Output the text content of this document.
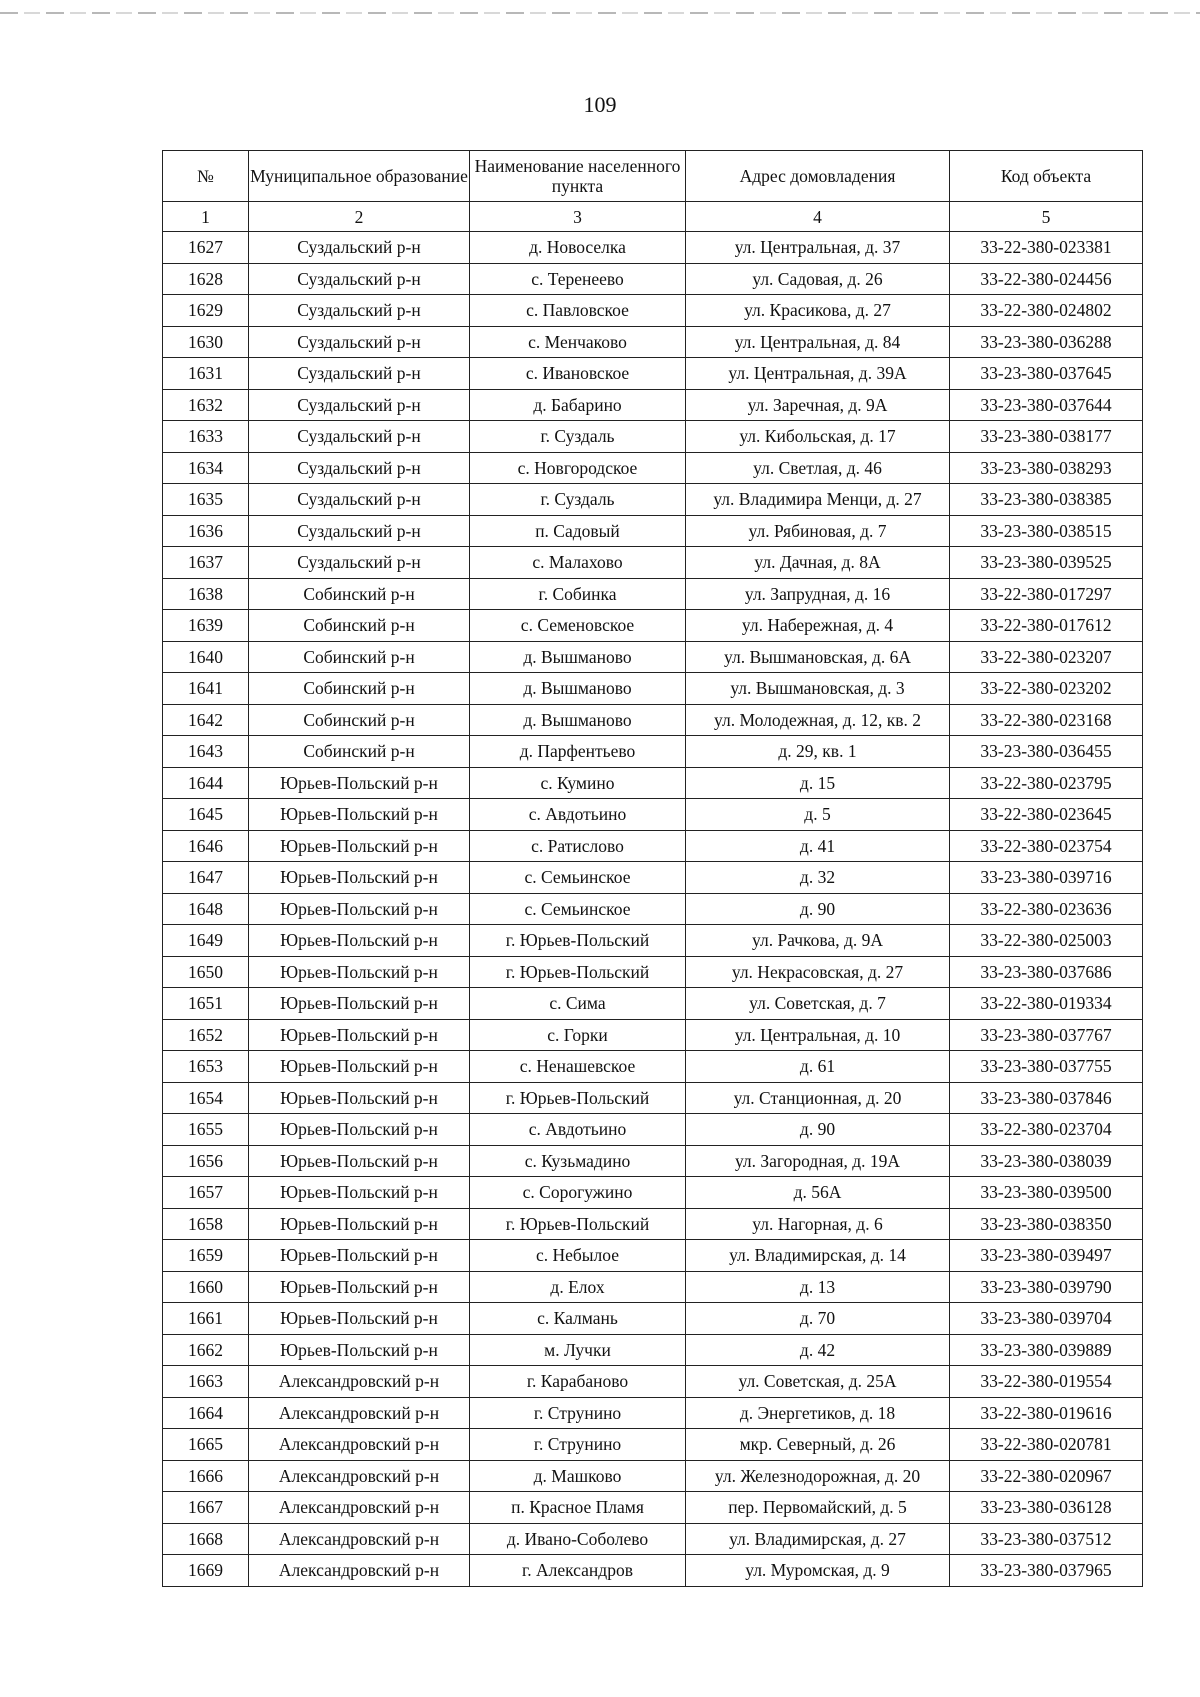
109
№	Муниципальное образование	Наименование населенного пункта	Адрес домовладения	Код объекта
1	2	3	4	5
1627	Суздальский р-н	д. Новоселка	ул. Центральная, д. 37	33-22-380-023381
1628	Суздальский р-н	с. Теренеево	ул. Садовая, д. 26	33-22-380-024456
1629	Суздальский р-н	с. Павловское	ул. Красикова, д. 27	33-22-380-024802
1630	Суздальский р-н	с. Менчаково	ул. Центральная, д. 84	33-23-380-036288
1631	Суздальский р-н	с. Ивановское	ул. Центральная, д. 39А	33-23-380-037645
1632	Суздальский р-н	д. Бабарино	ул. Заречная, д. 9А	33-23-380-037644
1633	Суздальский р-н	г. Суздаль	ул. Кибольская, д. 17	33-23-380-038177
1634	Суздальский р-н	с. Новгородское	ул. Светлая, д. 46	33-23-380-038293
1635	Суздальский р-н	г. Суздаль	ул. Владимира Менци, д. 27	33-23-380-038385
1636	Суздальский р-н	п. Садовый	ул. Рябиновая, д. 7	33-23-380-038515
1637	Суздальский р-н	с. Малахово	ул. Дачная, д. 8А	33-23-380-039525
1638	Собинский р-н	г. Собинка	ул. Запрудная, д. 16	33-22-380-017297
1639	Собинский р-н	с. Семеновское	ул. Набережная, д. 4	33-22-380-017612
1640	Собинский р-н	д. Вышманово	ул. Вышмановская, д. 6А	33-22-380-023207
1641	Собинский р-н	д. Вышманово	ул. Вышмановская, д. 3	33-22-380-023202
1642	Собинский р-н	д. Вышманово	ул. Молодежная, д. 12, кв. 2	33-22-380-023168
1643	Собинский р-н	д. Парфентьево	д. 29, кв. 1	33-23-380-036455
1644	Юрьев-Польский р-н	с. Кумино	д. 15	33-22-380-023795
1645	Юрьев-Польский р-н	с. Авдотьино	д. 5	33-22-380-023645
1646	Юрьев-Польский р-н	с. Ратислово	д. 41	33-22-380-023754
1647	Юрьев-Польский р-н	с. Семьинское	д. 32	33-23-380-039716
1648	Юрьев-Польский р-н	с. Семьинское	д. 90	33-22-380-023636
1649	Юрьев-Польский р-н	г. Юрьев-Польский	ул. Рачкова, д. 9А	33-22-380-025003
1650	Юрьев-Польский р-н	г. Юрьев-Польский	ул. Некрасовская, д. 27	33-23-380-037686
1651	Юрьев-Польский р-н	с. Сима	ул. Советская, д. 7	33-22-380-019334
1652	Юрьев-Польский р-н	с. Горки	ул. Центральная, д. 10	33-23-380-037767
1653	Юрьев-Польский р-н	с. Ненашевское	д. 61	33-23-380-037755
1654	Юрьев-Польский р-н	г. Юрьев-Польский	ул. Станционная, д. 20	33-23-380-037846
1655	Юрьев-Польский р-н	с. Авдотьино	д. 90	33-22-380-023704
1656	Юрьев-Польский р-н	с. Кузьмадино	ул. Загородная, д. 19А	33-23-380-038039
1657	Юрьев-Польский р-н	с. Сорогужино	д. 56А	33-23-380-039500
1658	Юрьев-Польский р-н	г. Юрьев-Польский	ул. Нагорная, д. 6	33-23-380-038350
1659	Юрьев-Польский р-н	с. Небылое	ул. Владимирская, д. 14	33-23-380-039497
1660	Юрьев-Польский р-н	д. Елох	д. 13	33-23-380-039790
1661	Юрьев-Польский р-н	с. Калмань	д. 70	33-23-380-039704
1662	Юрьев-Польский р-н	м. Лучки	д. 42	33-23-380-039889
1663	Александровский р-н	г. Карабаново	ул. Советская, д. 25А	33-22-380-019554
1664	Александровский р-н	г. Струнино	д. Энергетиков, д. 18	33-22-380-019616
1665	Александровский р-н	г. Струнино	мкр. Северный, д. 26	33-22-380-020781
1666	Александровский р-н	д. Машково	ул. Железнодорожная, д. 20	33-22-380-020967
1667	Александровский р-н	п. Красное Пламя	пер. Первомайский, д. 5	33-23-380-036128
1668	Александровский р-н	д. Ивано-Соболево	ул. Владимирская, д. 27	33-23-380-037512
1669	Александровский р-н	г. Александров	ул. Муромская, д. 9	33-23-380-037965
